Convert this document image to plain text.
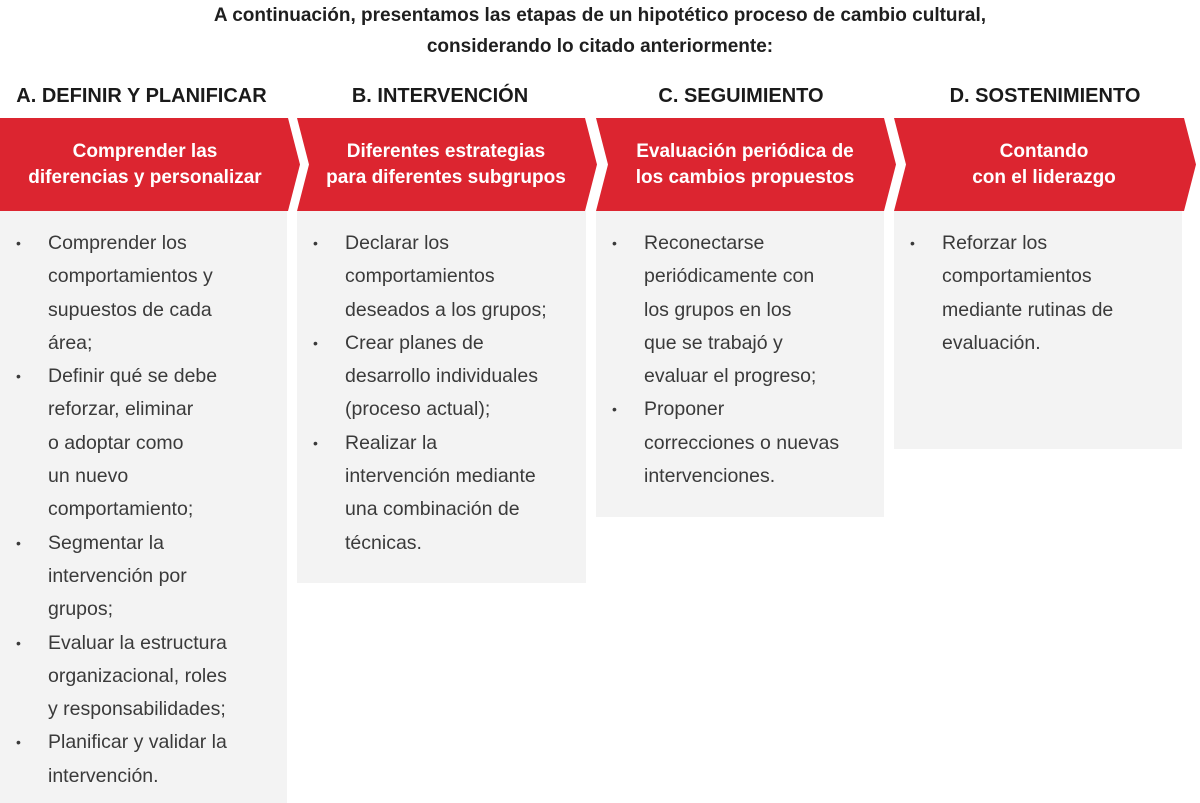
A continuación, presentamos las etapas de un hipotético proceso de cambio cultural,
considerando lo citado anteriormente:
A. DEFINIR Y PLANIFICAR
Comprender las
diferencias y personalizar
• Comprender los
comportamientos y
supuestos de cada
área;
• Definir qué se debe
reforzar, eliminar
o adoptar como
un nuevo
comportamiento;
• Segmentar la
intervención por
grupos;
• Evaluar la estructura
organizacional, roles
y responsabilidades;
• Planificar y validar la
intervención.
B. INTERVENCIÓN
Diferentes estrategias
para diferentes subgrupos
• Declarar los
comportamientos
deseados a los grupos;
• Crear planes de
desarrollo individuales
(proceso actual);
• Realizar la
intervención mediante
una combinación de
técnicas.
C. SEGUIMIENTO
Evaluación periódica de
los cambios propuestos
• Reconectarse
periódicamente con
los grupos en los
que se trabajó y
evaluar el progreso;
• Proponer
correcciones o nuevas
intervenciones.
D. SOSTENIMIENTO
Contando
con el liderazgo
• Reforzar los
comportamientos
mediante rutinas de
evaluación.
